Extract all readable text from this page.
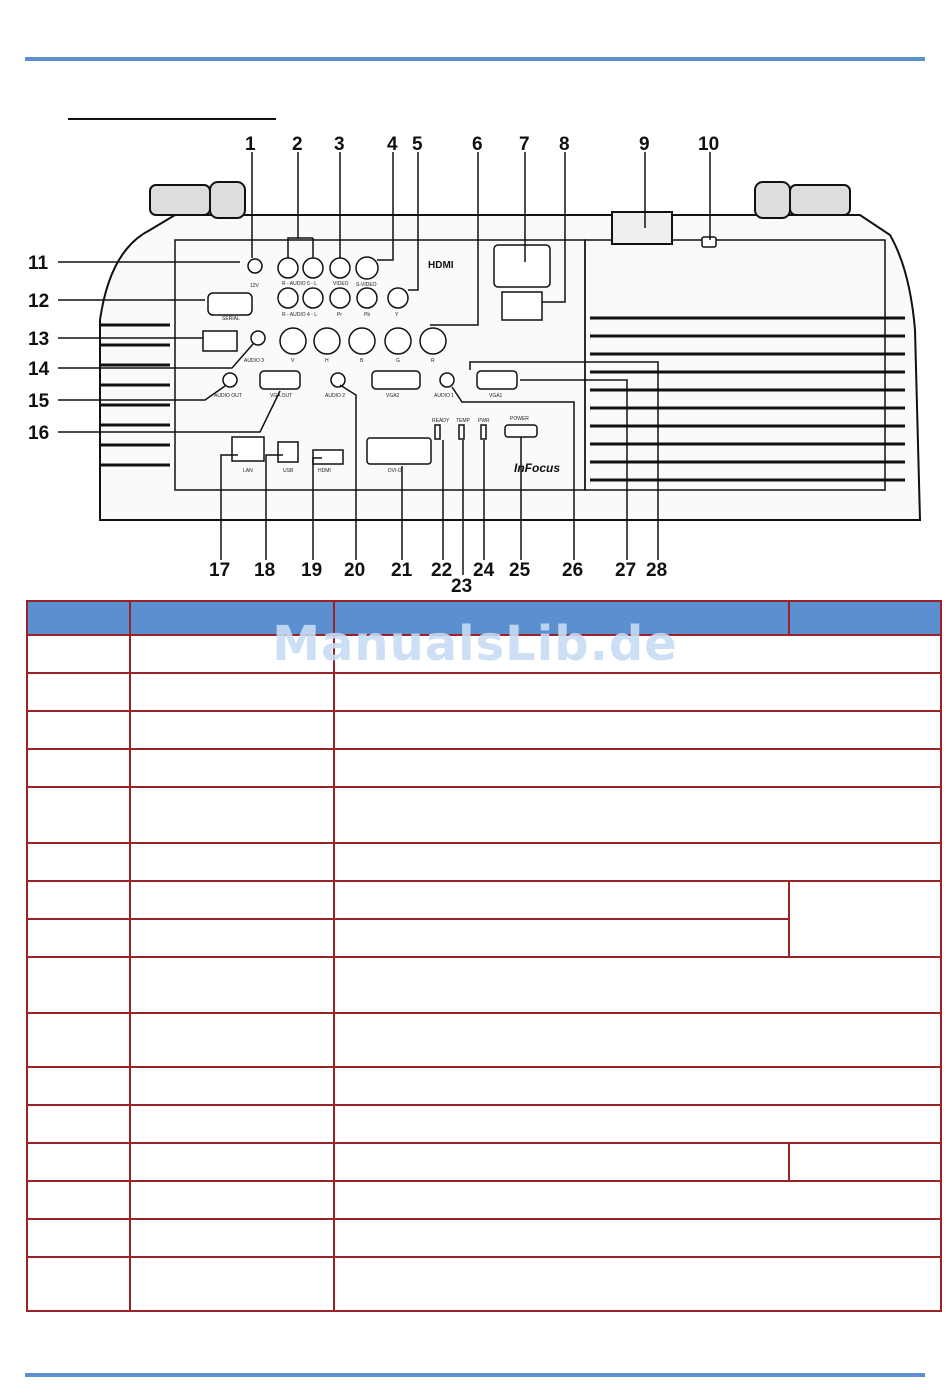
12V	R - AUDIO 5 - L	VIDEO S-VIDEO
R - AUDIO 4 - L	Pr	Pb	Y
SERIAL
AUDIO 3	V	H	B	G	R
AUDIO OUT	VGA OUT	AUDIO 2	VGA2	AUDIO 1	VGA1
READY TEMP PWR	POWER
LAN	USB	HDMI	DVI-D	InFocus
HDMI
1 2 3 4 5	6 7 8	9	10
11
12
13
14
15
16
17 18 19 20 21 22
23
24 25 26 27 28

ManualsLib.de
